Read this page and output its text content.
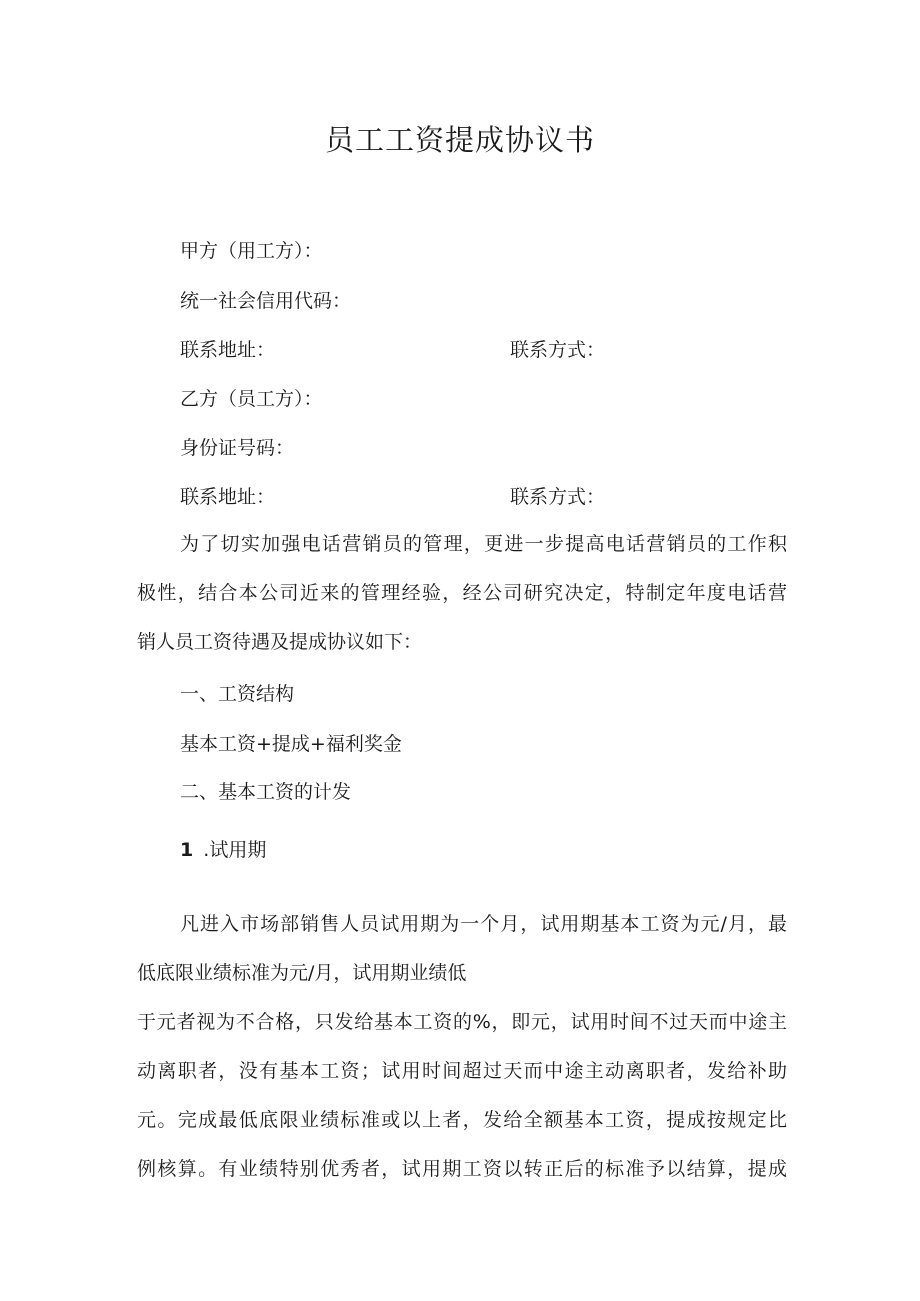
员工工资提成协议书
甲方（用工方）：
统一社会信用代码：
联系地址：	联系方式：
乙方（员工方）：
身份证号码：
联系地址：	联系方式：
为了切实加强电话营销员的管理，更进一步提高电话营销员的工作积
极性，结合本公司近来的管理经验，经公司研究决定，特制定年度电话营
销人员工资待遇及提成协议如下：
一、工资结构
基本工资+提成+福利奖金
二、基本工资的计发
1 .试用期
凡进入市场部销售人员试用期为一个月，试用期基本工资为元/月，最
低底限业绩标准为元/月，试用期业绩低
于元者视为不合格，只发给基本工资的%，即元，试用时间不过天而中途主
动离职者，没有基本工资；试用时间超过天而中途主动离职者，发给补助
元。完成最低底限业绩标准或以上者，发给全额基本工资，提成按规定比
例核算。有业绩特别优秀者，试用期工资以转正后的标准予以结算，提成
